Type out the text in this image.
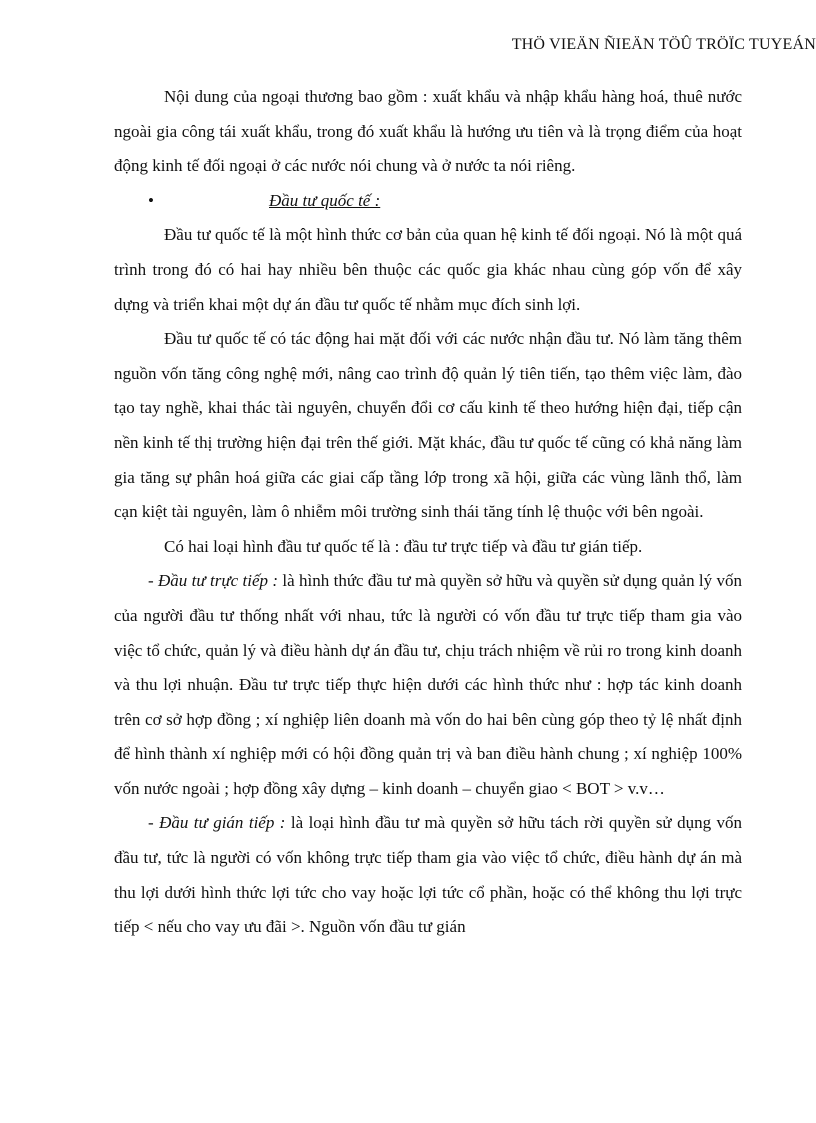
THÖ VIEÄN ÑIEÄN TÖÛ TRÖÏC TUYEÁN

Nội dung của ngoại thương bao gồm : xuất khẩu và nhập khẩu hàng hoá, thuê nước ngoài gia công tái xuất khẩu, trong đó xuất khẩu là hướng ưu tiên và là trọng điểm của hoạt động kinh tế đối ngoại ở các nước nói chung và ở nước ta nói riêng.

•	Đầu tư quốc tế :

Đầu tư quốc tế là một hình thức cơ bản của quan hệ kinh tế đối ngoại. Nó là một quá trình trong đó có hai hay nhiều bên thuộc các quốc gia khác nhau cùng góp vốn để xây dựng và triển khai một dự án đầu tư quốc tế nhằm mục đích sinh lợi.

Đầu tư quốc tế có tác động hai mặt đối với các nước nhận đầu tư. Nó làm tăng thêm nguồn vốn tăng công nghệ mới, nâng cao trình độ quản lý tiên tiến, tạo thêm việc làm, đào tạo tay nghề, khai thác tài nguyên, chuyển đổi cơ cấu kinh tế theo hướng hiện đại, tiếp cận nền kinh tế thị trường hiện đại trên thế giới. Mặt khác, đầu tư quốc tế cũng có khả năng làm gia tăng sự phân hoá giữa các giai cấp tầng lớp trong xã hội, giữa các vùng lãnh thổ, làm cạn kiệt tài nguyên, làm ô nhiễm môi trường sinh thái tăng tính lệ thuộc với bên ngoài.

Có hai loại hình đầu tư quốc tế là : đầu tư trực tiếp và đầu tư gián tiếp.

- Đầu tư trực tiếp : là hình thức đầu tư mà quyền sở hữu và quyền sử dụng quản lý vốn của người đầu tư thống nhất với nhau, tức là người có vốn đầu tư trực tiếp tham gia vào việc tổ chức, quản lý và điều hành dự án đầu tư, chịu trách nhiệm về rủi ro trong kinh doanh và thu lợi nhuận. Đầu tư trực tiếp thực hiện dưới các hình thức như : hợp tác kinh doanh trên cơ sở hợp đồng ; xí nghiệp liên doanh mà vốn do hai bên cùng góp theo tỷ lệ nhất định để hình thành xí nghiệp mới có hội đồng quản trị và ban điều hành chung ; xí nghiệp 100% vốn nước ngoài ; hợp đồng xây dựng – kinh doanh – chuyển giao < BOT > v.v…

- Đầu tư gián tiếp : là loại hình đầu tư mà quyền sở hữu tách rời quyền sử dụng vốn đầu tư, tức là người có vốn không trực tiếp tham gia vào việc tổ chức, điều hành dự án mà thu lợi dưới hình thức lợi tức cho vay hoặc lợi tức cổ phần, hoặc có thể không thu lợi trực tiếp < nếu cho vay ưu đãi >. Nguồn vốn đầu tư gián
